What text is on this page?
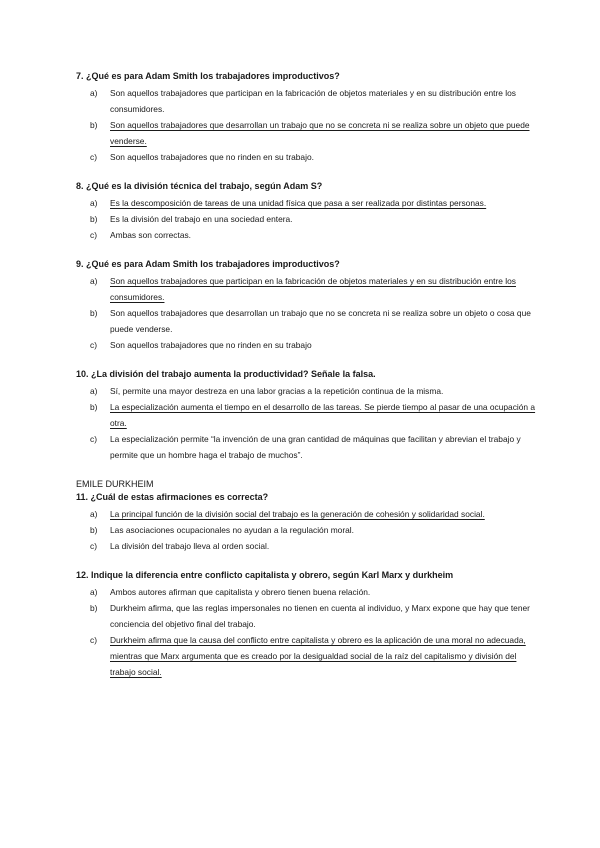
7. ¿Qué es para Adam Smith los trabajadores improductivos?
a) Son aquellos trabajadores que participan en la fabricación de objetos materiales y en su distribución entre los consumidores.
b) Son aquellos trabajadores que desarrollan un trabajo que no se concreta ni se realiza sobre un objeto que puede venderse.
c) Son aquellos trabajadores que no rinden en su trabajo.
8. ¿Qué es la división técnica del trabajo, según Adam S?
a) Es la descomposición de tareas de una unidad física que pasa a ser realizada por distintas personas.
b) Es la división del trabajo en una sociedad entera.
c) Ambas son correctas.
9. ¿Qué es para Adam Smith los trabajadores improductivos?
a) Son aquellos trabajadores que participan en la fabricación de objetos materiales y en su distribución entre los consumidores.
b) Son aquellos trabajadores que desarrollan un trabajo que no se concreta ni se realiza sobre un objeto o cosa que puede venderse.
c) Son aquellos trabajadores que no rinden en su trabajo
10. ¿La división del trabajo aumenta la productividad? Señale la falsa.
a) Sí, permite una mayor destreza en una labor gracias a la repetición continua de la misma.
b) La especialización aumenta el tiempo en el desarrollo de las tareas. Se pierde tiempo al pasar de una ocupación a otra.
c) La especialización permite “la invención de una gran cantidad de máquinas que facilitan y abrevian el trabajo y permite que un hombre haga el trabajo de muchos”.
EMILE DURKHEIM
11. ¿Cuál de estas afirmaciones es correcta?
a) La principal función de la división social del trabajo es la generación de cohesión y solidaridad social.
b) Las asociaciones ocupacionales no ayudan a la regulación moral.
c) La división del trabajo lleva al orden social.
12. Indique la diferencia entre conflicto capitalista y obrero, según Karl Marx y durkheim
a) Ambos autores afirman que capitalista y obrero tienen buena relación.
b) Durkheim afirma, que las reglas impersonales no tienen en cuenta al individuo, y Marx expone que hay que tener conciencia del objetivo final del trabajo.
c) Durkheim afirma que la causa del conflicto entre capitalista y obrero es la aplicación de una moral no adecuada, mientras que Marx argumenta que es creado por la desigualdad social de la raíz del capitalismo y división del trabajo social.
